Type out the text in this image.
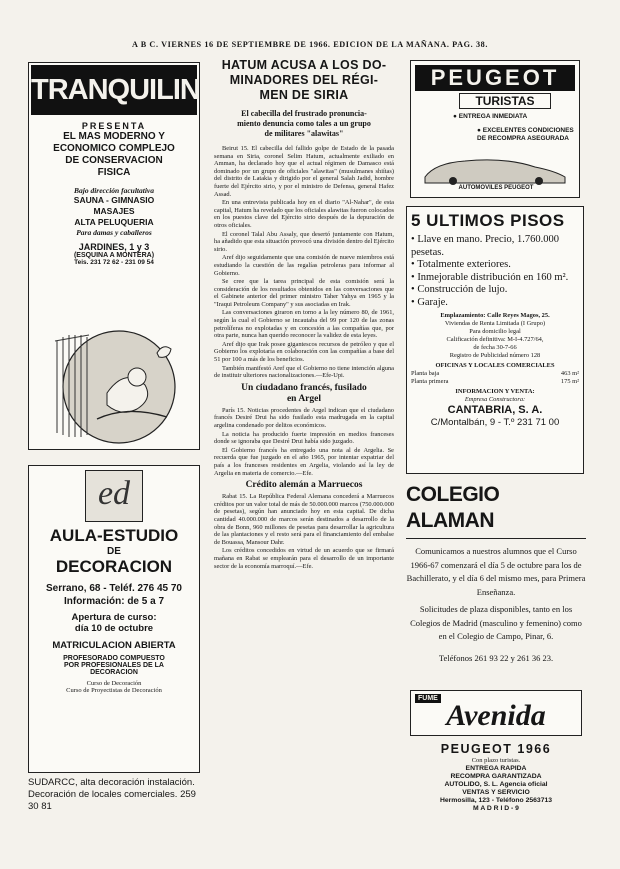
A B C. VIERNES 16 DE SEPTIEMBRE DE 1966. EDICION DE LA MAÑANA. PAG. 38.
TRANQUILINO
PRESENTA
EL MAS MODERNO Y
ECONOMICO COMPLEJO
DE CONSERVACION
FISICA
Bajo dirección facultativa
SAUNA - GIMNASIO
MASAJES
ALTA PELUQUERIA
Para damas y caballeros
JARDINES, 1 y 3
(ESQUINA A MONTERA)
Teis. 231 72 62 - 231 09 54
ed
AULA-ESTUDIO
DE
DECORACION
Serrano, 68 - Teléf. 276 45 70
Información: de 5 a 7
Apertura de curso:
día 10 de octubre
MATRICULACION ABIERTA
PROFESORADO COMPUESTO
POR PROFESIONALES DE LA
DECORACION
Curso de Decoración
Curso de Proyectistas de Decoración
SUDARCC, alta decoración instalación. Decoración de locales comerciales. 259 30 81
HATUM ACUSA A LOS DO-
MINADORES DEL RÉGI-
MEN DE SIRIA
El cabecilla del frustrado pronuncia-
miento denuncia como tales a un grupo
de militares "alawitas"

Beirut 15. El cabecilla del fallido golpe de Estado de la pasada semana en Siria, coronel Selim Hatum, actualmente exiliado en Amman, ha declarado hoy que el actual régimen de Damasco está dominado por un grupo de oficiales "alawitas" (musulmanes shiítas) del distrito de Latakia y dirigido por el general Salah Jadid, hombre fuerte del Ejército sirio, y por el ministro de Defensa, general Hafez Assad.

En una entrevista publicada hoy en el diario "Al-Nahar", de esta capital, Hatum ha revelado que los oficiales alawitas fueron colocados en los puestos clave del Ejército sirio después de la depuración de otros oficiales.

El coronel Talal Abu Assaly, que desertó juntamente con Hatum, ha añadido que esta situación provocó una división dentro del Ejército sirio.

Aref dijo seguidamente que una comisión de nueve miembros está estudiando la cuestión de las regalías petroleras para informar al Gobierno.

Se cree que la tarea principal de esta comisión será la consideración de los resultados obtenidos en las conversaciones que el Gabinete anterior del primer ministro Taher Yahya en 1965 y la "Iraqui Petroleum Company" y sus asociadas en Irak.

Las conversaciones giraron en torno a la ley número 80, de 1961, según la cual el Gobierno se incautaba del 99 por 120 de las zonas petrolíferas no explotadas y en concesión a las compañías que, por otra parte, nunca han querido reconocer la validez de esta leyes.

Aref dijo que Irak posee gigantescos recursos de petróleo y que el Gobierno los explotaría en colaboración con las compañías a base del 51 por 100 a más de los beneficios.

También manifestó Aref que el Gobierno no tiene intención alguna de instituir ulteriores nacionalizaciones.—Efe-Upi.

Un ciudadano francés, fusilado
en Argel

París 15. Noticias procedentes de Argel indican que el ciudadano francés Desiré Drui ha sido fusilado esta madrugada en la capital argelina condenado por delitos económicos.

La noticia ha producido fuerte impresión en medios franceses donde se ignoraba que Desiré Drui había sido juzgado.

El Gobierno francés ha entregado una nota al de Argelia. Se recuerda que fue juzgado en el año 1965, por intentar expatriar del país a los franceses residentes en Argelia, violando así la ley de Argelia en materia de comercio.—Efe.

Crédito alemán a Marruecos

Rabat 15. La República Federal Alemana concederá a Marruecos créditos por un valor total de más de 50.000.000 marcos (750.000.000 de pesetas), según han anunciado hoy en esta capital. De dicha cantidad 40.000.000 de marcos serán destinados a desarrollo de la obra de Bonn, 960 millones de pesetas para desarrollar la agricultura de las plantaciones y el resto será para el financiamiento del embalse de Bouassa, Mansour Dahr.

Los créditos concedidos en virtud de un acuerdo que se firmará mañana en Rabat se emplearán para el desarrollo de un importante sector de la economía marroquí.—Efe.

PEUGEOT
TURISTAS
● ENTREGA INMEDIATA
● EXCELENTES CONDICIONES DE RECOMPRA ASEGURADA
AUTOMOVILES PEUGEOT
5 ULTIMOS PISOS
• Llave en mano. Precio, 1.760.000 pesetas.
• Totalmente exteriores.
• Inmejorable distribución en 160 m².
• Construcción de lujo.
• Garaje.
Emplazamiento: Calle Reyes Magos, 25.
Viviendas de Renta Limitada (I Grupo)
Para domicilio legal
Calificación definitiva: M-I-4.727/64,
de fecha 30-7-66
Registro de Publicidad número 128
OFICINAS Y LOCALES COMERCIALES
Planta baja	463 m²
Planta primera	175 m²
INFORMACION Y VENTA:
Empresa Constructora:
CANTABRIA, S. A.
C/Montalbán, 9 - T.º 231 71 00
COLEGIO ALAMAN
Comunicamos a nuestros alumnos que el Curso 1966-67 comenzará el día 5 de octubre para los de Bachillerato, y el día 6 del mismo mes, para Primera Enseñanza.
Solicitudes de plaza disponibles, tanto en los Colegios de Madrid (masculino y femenino) como en el Colegio de Campo, Pinar, 6.
Teléfonos 261 93 22 y 261 36 23.
FUME
Avenida
PEUGEOT 1966
Con plazo turistas.
ENTREGA RAPIDA
RECOMPRA GARANTIZADA
AUTOLIDO, S. L. Agencia oficial
VENTAS Y SERVICIO
Hermosilla, 123 - Teléfono 2563713
M A D R I D - 9
